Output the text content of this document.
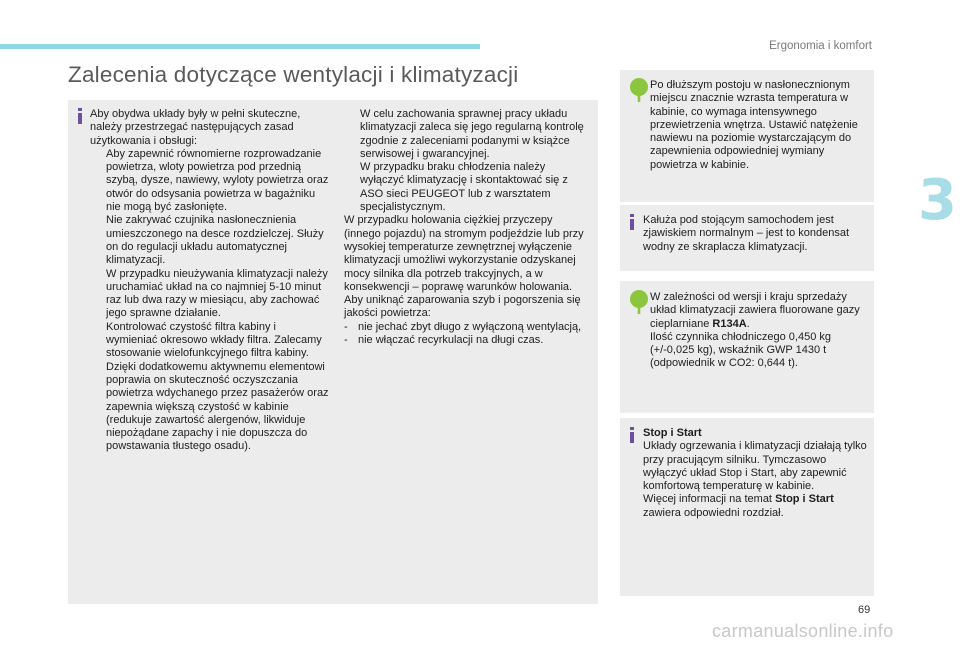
Ergonomia i komfort
3
Zalecenia dotyczące wentylacji i klimatyzacji

Aby obydwa układy były w pełni skuteczne, należy przestrzegać następujących zasad użytkowania i obsługi:

Aby zapewnić równomierne rozprowadzanie powietrza, wloty powietrza pod przednią szybą, dysze, nawiewy, wyloty powietrza oraz otwór do odsysania powietrza w bagażniku nie mogą być zasłonięte.

Nie zakrywać czujnika nasłonecznienia umieszczonego na desce rozdzielczej. Służy on do regulacji układu automatycznej klimatyzacji.

W przypadku nieużywania klimatyzacji należy uruchamiać układ na co najmniej 5-10 minut raz lub dwa razy w miesiącu, aby zachować jego sprawne działanie.

Kontrolować czystość filtra kabiny i wymieniać okresowo wkłady filtra. Zalecamy stosowanie wielofunkcyjnego filtra kabiny. Dzięki dodatkowemu aktywnemu elementowi poprawia on skuteczność oczyszczania powietrza wdychanego przez pasażerów oraz zapewnia większą czystość w kabinie (redukuje zawartość alergenów, likwiduje niepożądane zapachy i nie dopuszcza do powstawania tłustego osadu).

W celu zachowania sprawnej pracy układu klimatyzacji zaleca się jego regularną kontrolę zgodnie z zaleceniami podanymi w książce serwisowej i gwarancyjnej.

W przypadku braku chłodzenia należy wyłączyć klimatyzację i skontaktować się z ASO sieci PEUGEOT lub z warsztatem specjalistycznym.

W przypadku holowania ciężkiej przyczepy (innego pojazdu) na stromym podjeździe lub przy wysokiej temperaturze zewnętrznej wyłączenie klimatyzacji umożliwi wykorzystanie odzyskanej mocy silnika dla potrzeb trakcyjnych, a w konsekwencji – poprawę warunków holowania.

Aby uniknąć zaparowania szyb i pogorszenia się jakości powietrza:

- nie jechać zbyt długo z wyłączoną wentylacją,

- nie włączać recyrkulacji na długi czas.

Po dłuższym postoju w nasłonecznionym miejscu znacznie wzrasta temperatura w kabinie, co wymaga intensywnego przewietrzenia wnętrza. Ustawić natężenie nawiewu na poziomie wystarczającym do zapewnienia odpowiedniej wymiany powietrza w kabinie.
Kałuża pod stojącym samochodem jest zjawiskiem normalnym – jest to kondensat wodny ze skraplacza klimatyzacji.

W zależności od wersji i kraju sprzedaży układ klimatyzacji zawiera fluorowane gazy cieplarniane R134A.

Ilość czynnika chłodniczego 0,450 kg (+/-0,025 kg), wskaźnik GWP 1430 t (odpowiednik w CO2: 0,644 t).

Stop i Start

Układy ogrzewania i klimatyzacji działają tylko przy pracującym silniku. Tymczasowo wyłączyć układ Stop i Start, aby zapewnić komfortową temperaturę w kabinie.

Więcej informacji na temat Stop i Start zawiera odpowiedni rozdział.

69
carmanualsonline.info
